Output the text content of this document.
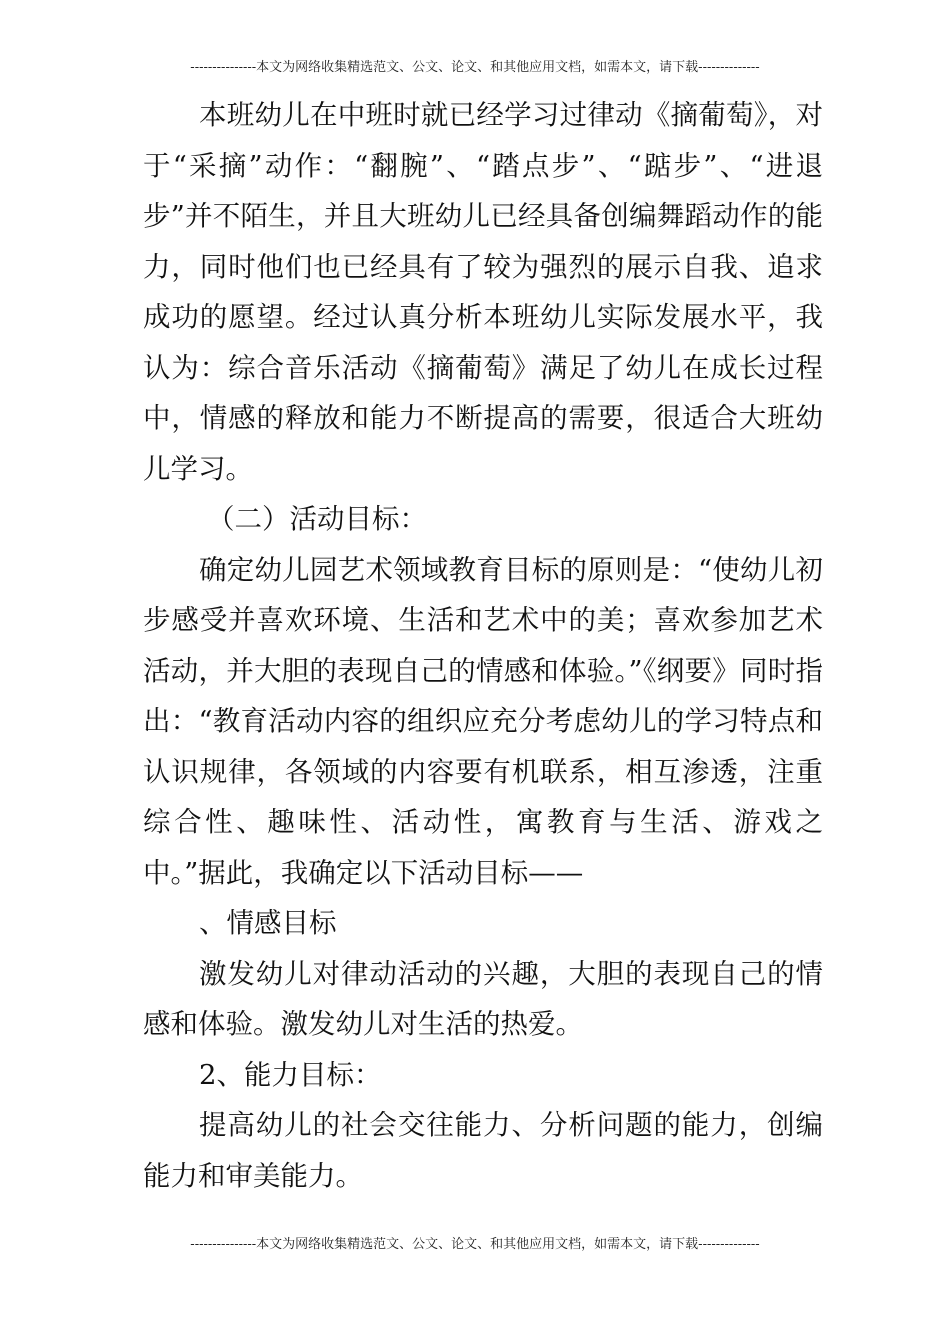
---------------本文为网络收集精选范文、公文、论文、和其他应用文档，如需本文，请下载--------------

本班幼儿在中班时就已经学习过律动《摘葡萄》，对于“采摘”动作：“翻腕”、“踏点步”、“踮步”、“进退步”并不陌生，并且大班幼儿已经具备创编舞蹈动作的能力，同时他们也已经具有了较为强烈的展示自我、追求成功的愿望。经过认真分析本班幼儿实际发展水平，我认为：综合音乐活动《摘葡萄》满足了幼儿在成长过程中，情感的释放和能力不断提高的需要，很适合大班幼儿学习。

（二）活动目标：

确定幼儿园艺术领域教育目标的原则是：“使幼儿初步感受并喜欢环境、生活和艺术中的美；喜欢参加艺术活动，并大胆的表现自己的情感和体验。”《纲要》同时指出：“教育活动内容的组织应充分考虑幼儿的学习特点和认识规律，各领域的内容要有机联系，相互渗透，注重综合性、趣味性、活动性，寓教育与生活、游戏之中。”据此，我确定以下活动目标——

、情感目标

激发幼儿对律动活动的兴趣，大胆的表现自己的情感和体验。激发幼儿对生活的热爱。

2、能力目标：

提高幼儿的社会交往能力、分析问题的能力，创编能力和审美能力。

---------------本文为网络收集精选范文、公文、论文、和其他应用文档，如需本文，请下载--------------
